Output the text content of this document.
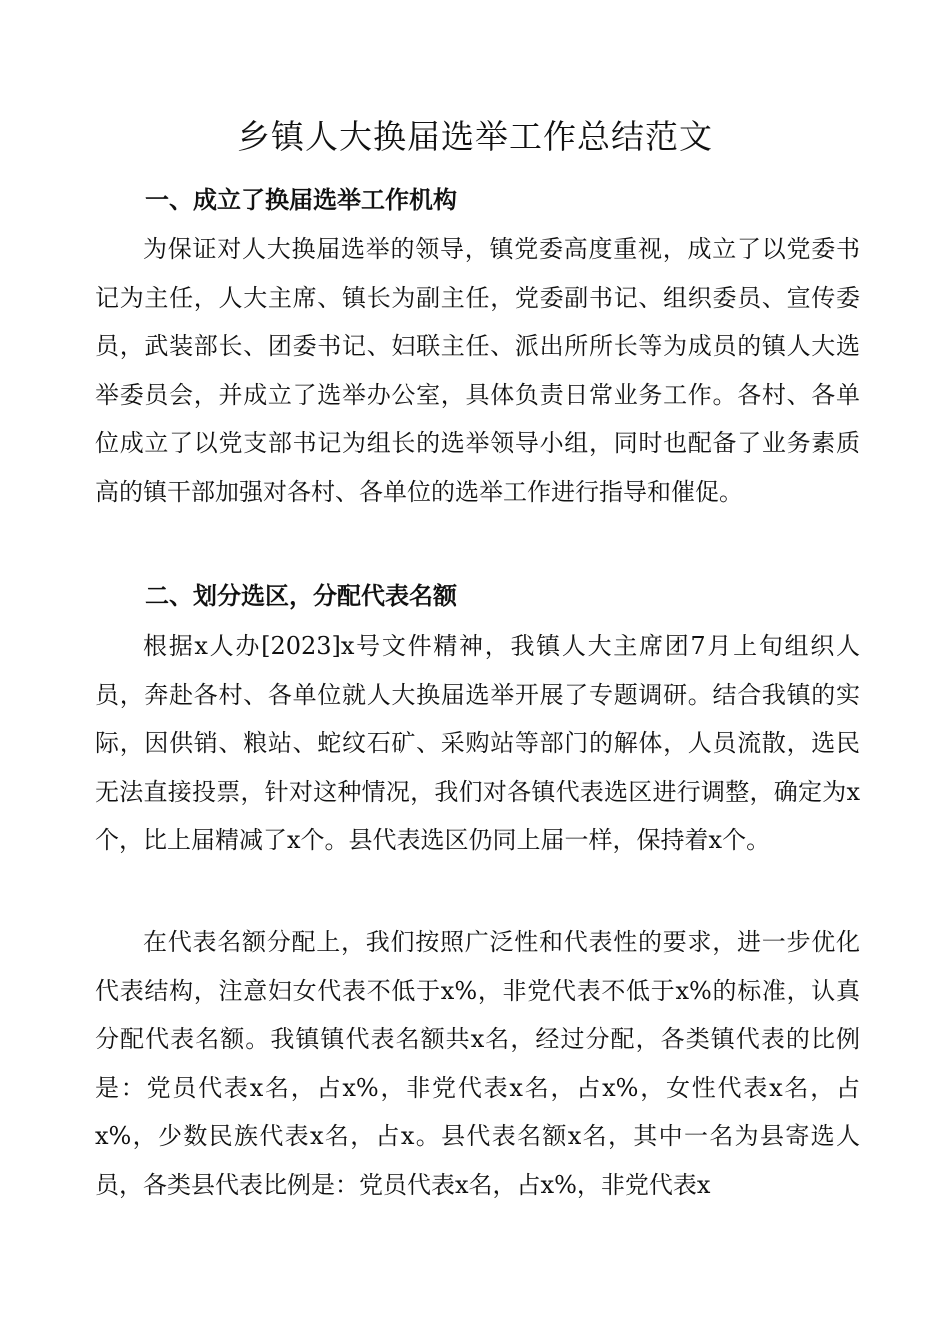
乡镇人大换届选举工作总结范文
一、成立了换届选举工作机构

为保证对人大换届选举的领导，镇党委高度重视，成立了以党委书记为主任，人大主席、镇长为副主任，党委副书记、组织委员、宣传委员，武装部长、团委书记、妇联主任、派出所所长等为成员的镇人大选举委员会，并成立了选举办公室，具体负责日常业务工作。各村、各单位成立了以党支部书记为组长的选举领导小组，同时也配备了业务素质高的镇干部加强对各村、各单位的选举工作进行指导和催促。

二、划分选区，分配代表名额

根据x人办[2023]x号文件精神，我镇人大主席团7月上旬组织人员，奔赴各村、各单位就人大换届选举开展了专题调研。结合我镇的实际，因供销、粮站、蛇纹石矿、采购站等部门的解体，人员流散，选民无法直接投票，针对这种情况，我们对各镇代表选区进行调整，确定为x个，比上届精减了x个。县代表选区仍同上届一样，保持着x个。

在代表名额分配上，我们按照广泛性和代表性的要求，进一步优化代表结构，注意妇女代表不低于x%，非党代表不低于x%的标准，认真分配代表名额。我镇镇代表名额共x名，经过分配，各类镇代表的比例是：党员代表x名，占x%，非党代表x名，占x%，女性代表x名，占x%，少数民族代表x名，占x。县代表名额x名，其中一名为县寄选人员，各类县代表比例是：党员代表x名，占x%，非党代表x
